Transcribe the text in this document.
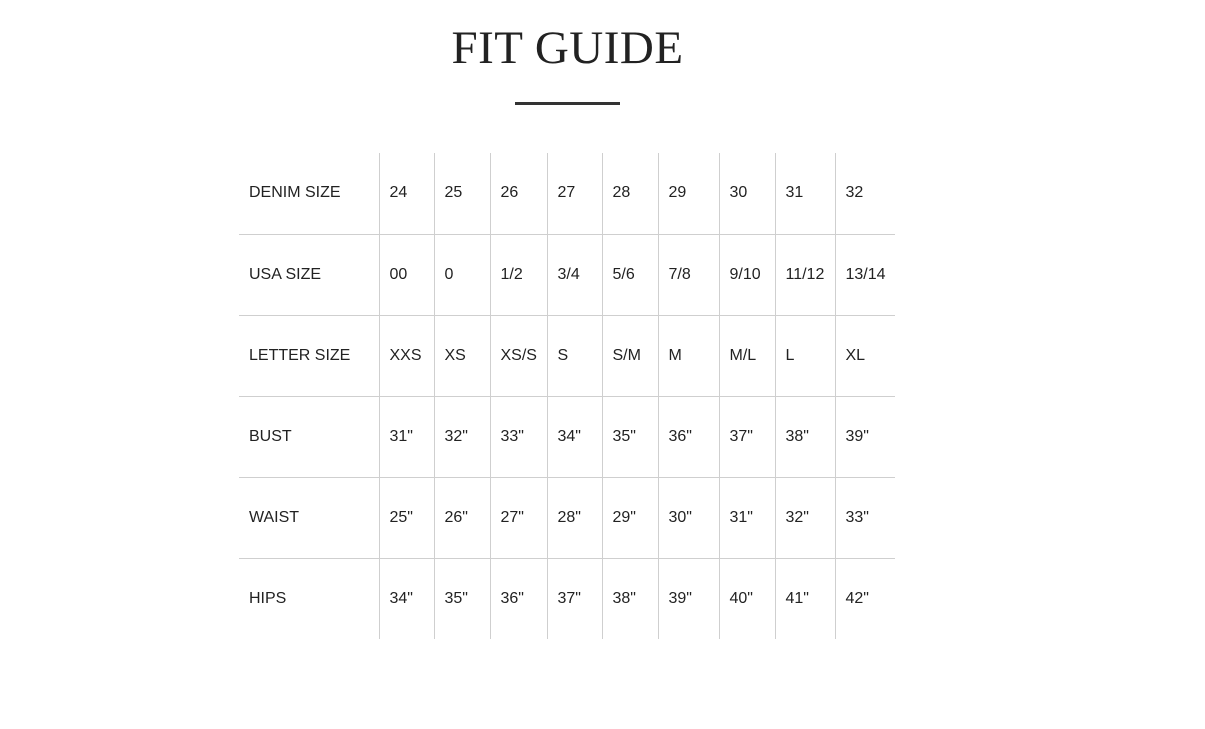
FIT GUIDE
DENIM SIZE	24	25	26	27	28	29	30	31	32
USA SIZE	00	0	1/2	3/4	5/6	7/8	9/10	11/12	13/14
LETTER SIZE	XXS	XS	XS/S	S	S/M	M	M/L	L	XL
BUST	31"	32"	33"	34"	35"	36"	37"	38"	39"
WAIST	25"	26"	27"	28"	29"	30"	31"	32"	33"
HIPS	34"	35"	36"	37"	38"	39"	40"	41"	42"
